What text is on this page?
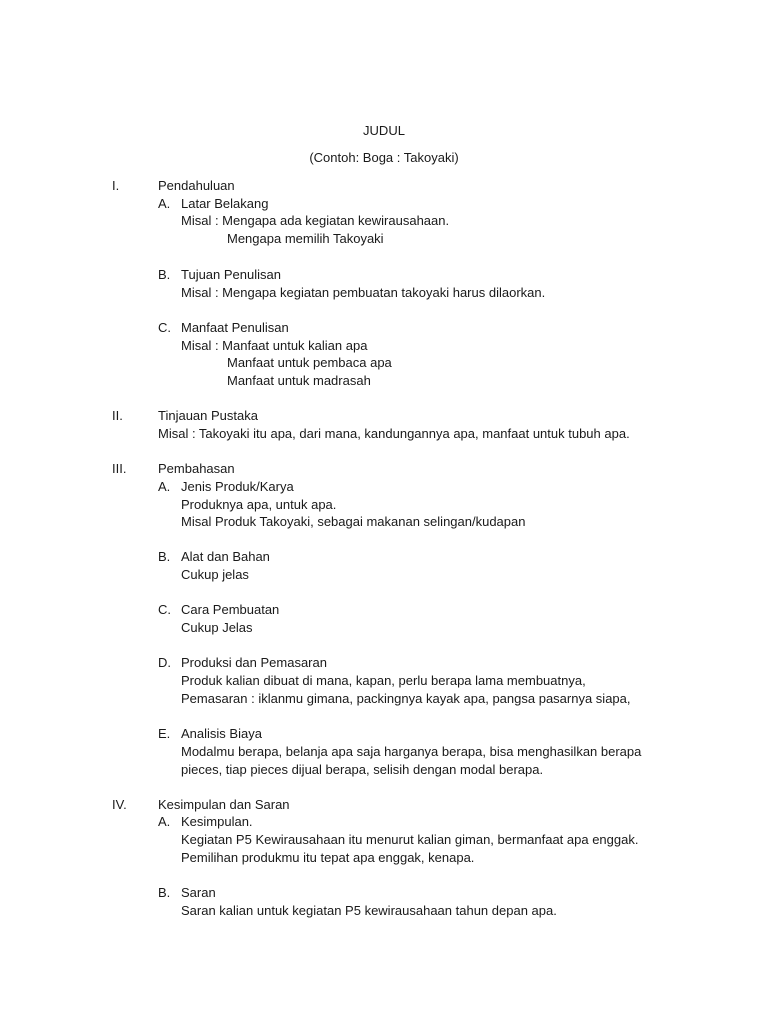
JUDUL
(Contoh: Boga : Takoyaki)
I.	Pendahuluan
A. Latar Belakang
Misal : Mengapa ada kegiatan kewirausahaan.
Mengapa memilih Takoyaki
B. Tujuan Penulisan
Misal : Mengapa kegiatan pembuatan takoyaki harus dilaorkan.
C. Manfaat Penulisan
Misal : Manfaat untuk kalian apa
Manfaat untuk pembaca apa
Manfaat untuk madrasah
II.	Tinjauan Pustaka
Misal : Takoyaki itu apa, dari mana, kandungannya apa, manfaat untuk tubuh apa.
III. Pembahasan
A. Jenis Produk/Karya
Produknya apa, untuk apa.
Misal Produk Takoyaki, sebagai makanan selingan/kudapan
B. Alat dan Bahan
Cukup jelas
C. Cara Pembuatan
Cukup Jelas
D. Produksi dan Pemasaran
Produk kalian dibuat di mana, kapan, perlu berapa lama membuatnya,
Pemasaran : iklanmu gimana, packingnya kayak apa, pangsa pasarnya siapa,
E. Analisis Biaya
Modalmu berapa, belanja apa saja harganya berapa, bisa menghasilkan berapa
pieces, tiap pieces dijual berapa, selisih dengan modal berapa.
IV. Kesimpulan dan Saran
A. Kesimpulan.
Kegiatan P5 Kewirausahaan itu menurut kalian giman, bermanfaat apa enggak.
Pemilihan produkmu itu tepat apa enggak, kenapa.
B. Saran
Saran kalian untuk kegiatan P5 kewirausahaan tahun depan apa.
